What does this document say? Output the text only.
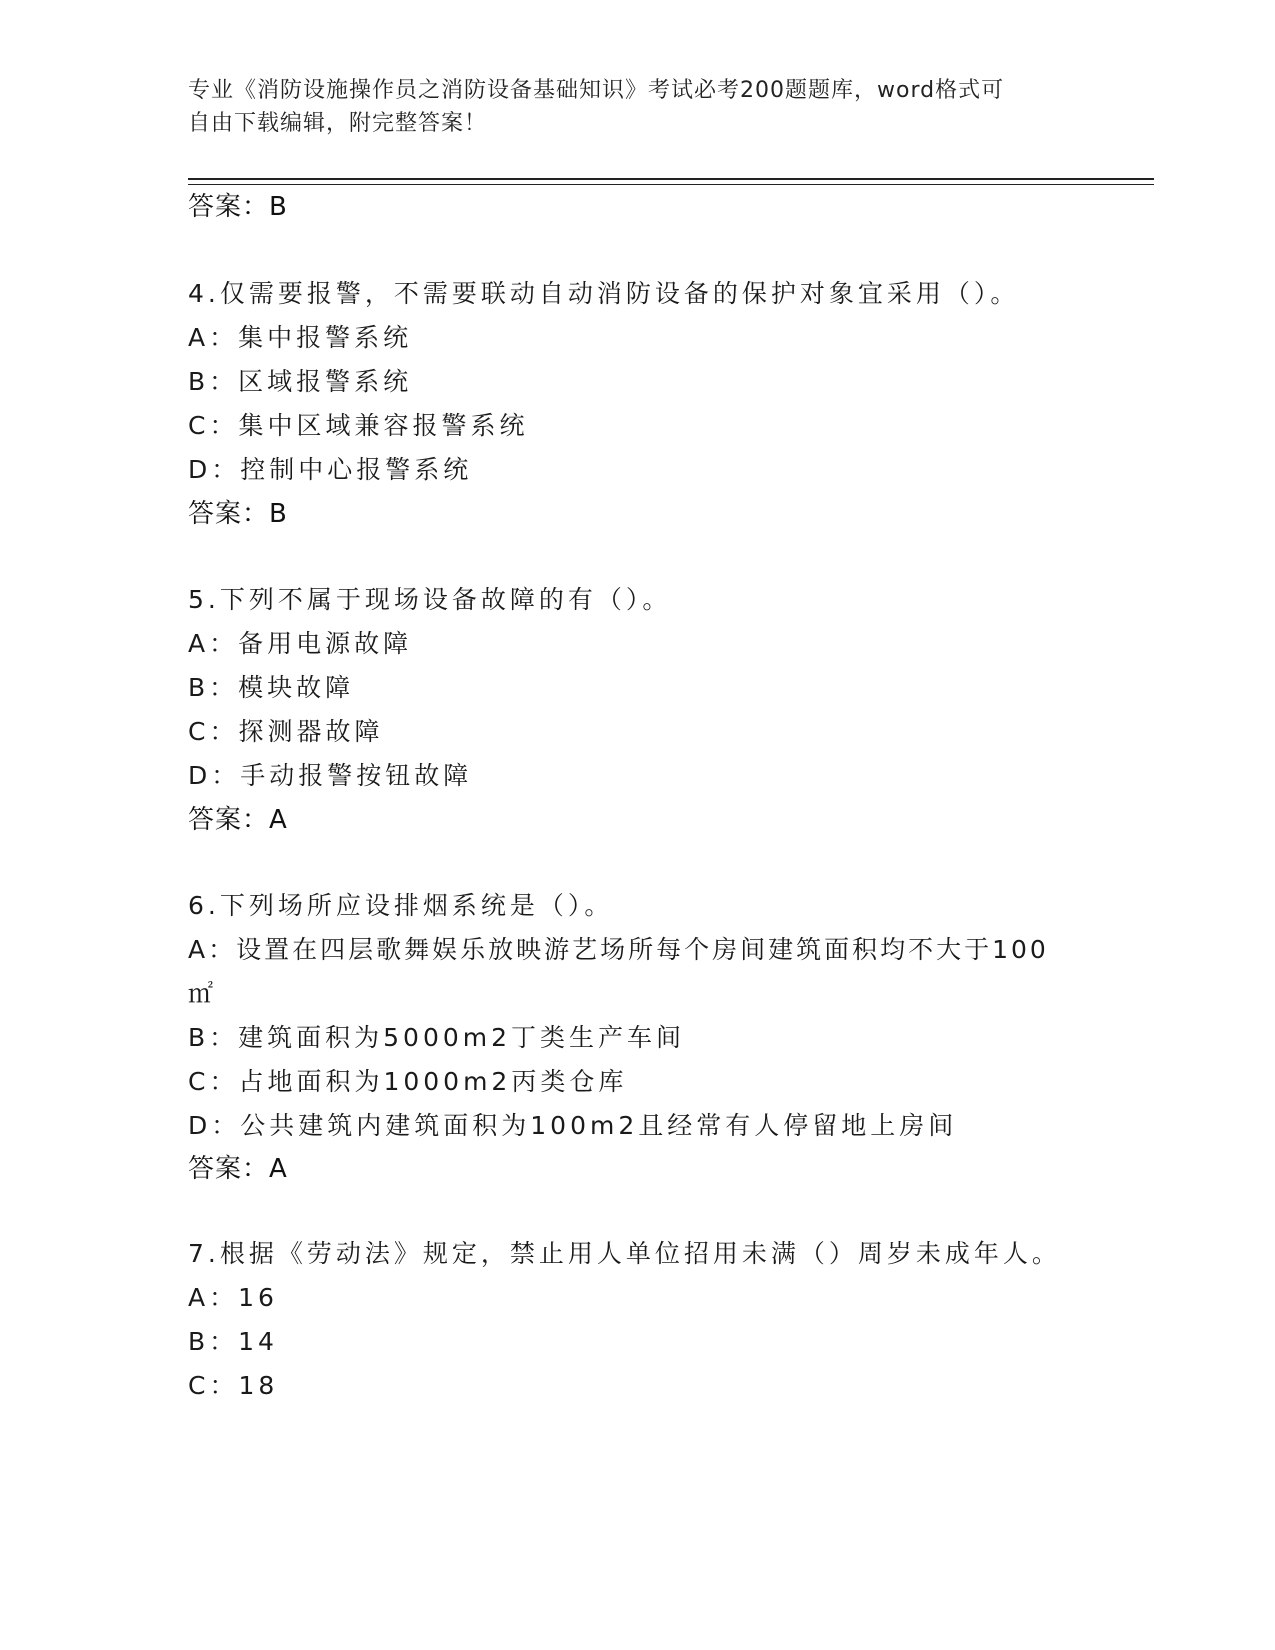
专业《消防设施操作员之消防设备基础知识》考试必考200题题库，word格式可
自由下载编辑，附完整答案！
答案：B
4.仅需要报警，不需要联动自动消防设备的保护对象宜采用（）。
A：集中报警系统
B：区域报警系统
C：集中区域兼容报警系统
D：控制中心报警系统
答案：B
5.下列不属于现场设备故障的有（）。
A：备用电源故障
B：模块故障
C：探测器故障
D：手动报警按钮故障
答案：A
6.下列场所应设排烟系统是（）。
A：设置在四层歌舞娱乐放映游艺场所每个房间建筑面积均不大于100
㎡
B：建筑面积为5000m2丁类生产车间
C：占地面积为1000m2丙类仓库
D：公共建筑内建筑面积为100m2且经常有人停留地上房间
答案：A
7.根据《劳动法》规定，禁止用人单位招用未满（）周岁未成年人。
A：16
B：14
C：18
